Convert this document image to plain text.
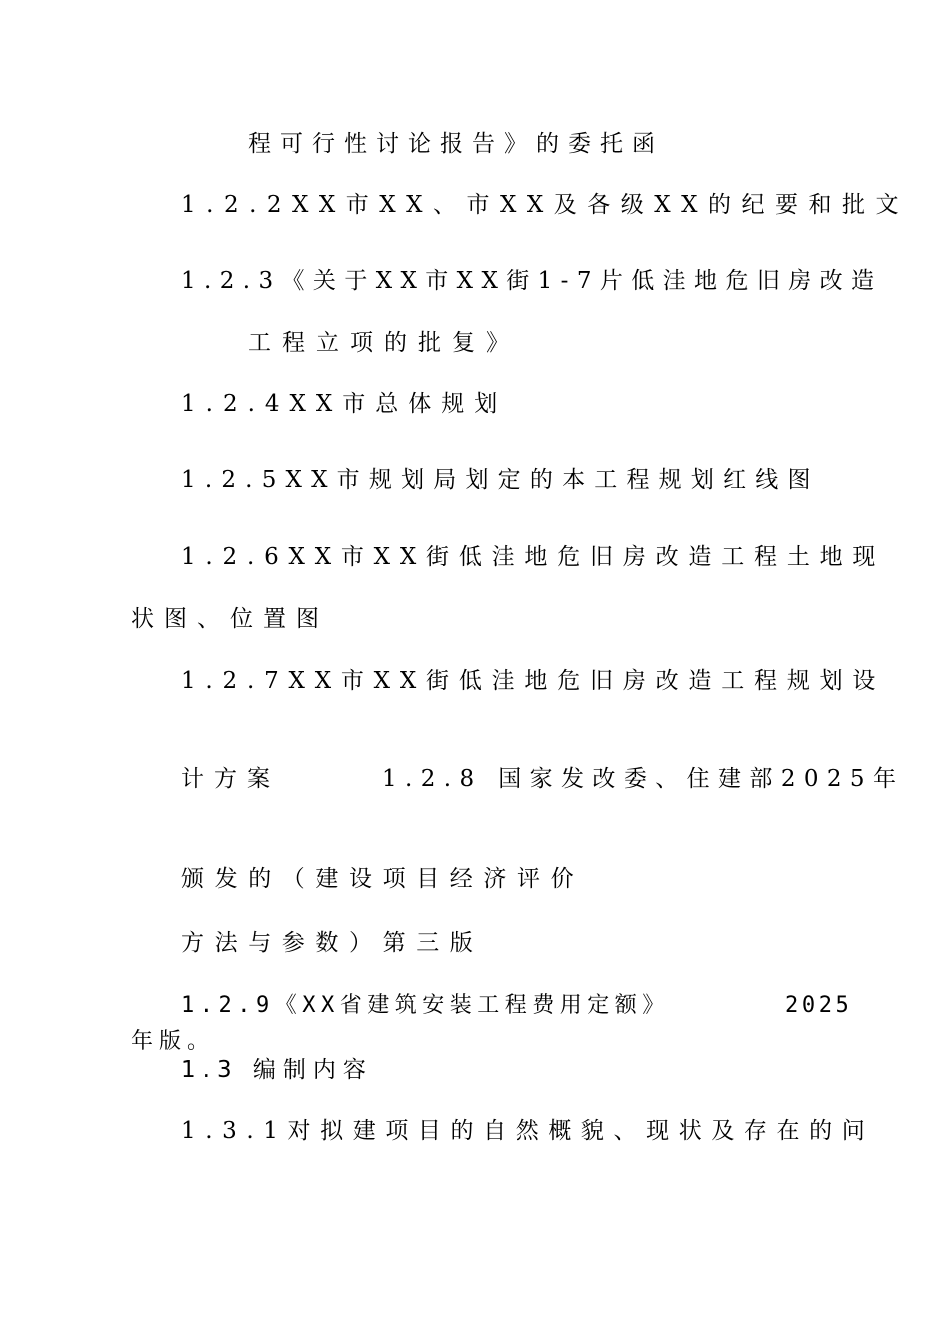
程可行性讨论报告》的委托函
1.2.2XX市XX、市XX及各级XX的纪要和批文
1.2.3《关于XX市XX街1-7片低洼地危旧房改造
工程立项的批复》
1.2.4XX市总体规划
1.2.5XX市规划局划定的本工程规划红线图
1.2.6XX市XX街低洼地危旧房改造工程土地现
状图、位置图
1.2.7XX市XX街低洼地危旧房改造工程规划设
计方案	1.2.8 国家发改委、住建部2025年
颁发的（建设项目经济评价
方法与参数）第三版
1.2.9《XX省建筑安装工程费用定额》	2025
年版。
1.3 编制内容
1.3.1对拟建项目的自然概貌、现状及存在的问
